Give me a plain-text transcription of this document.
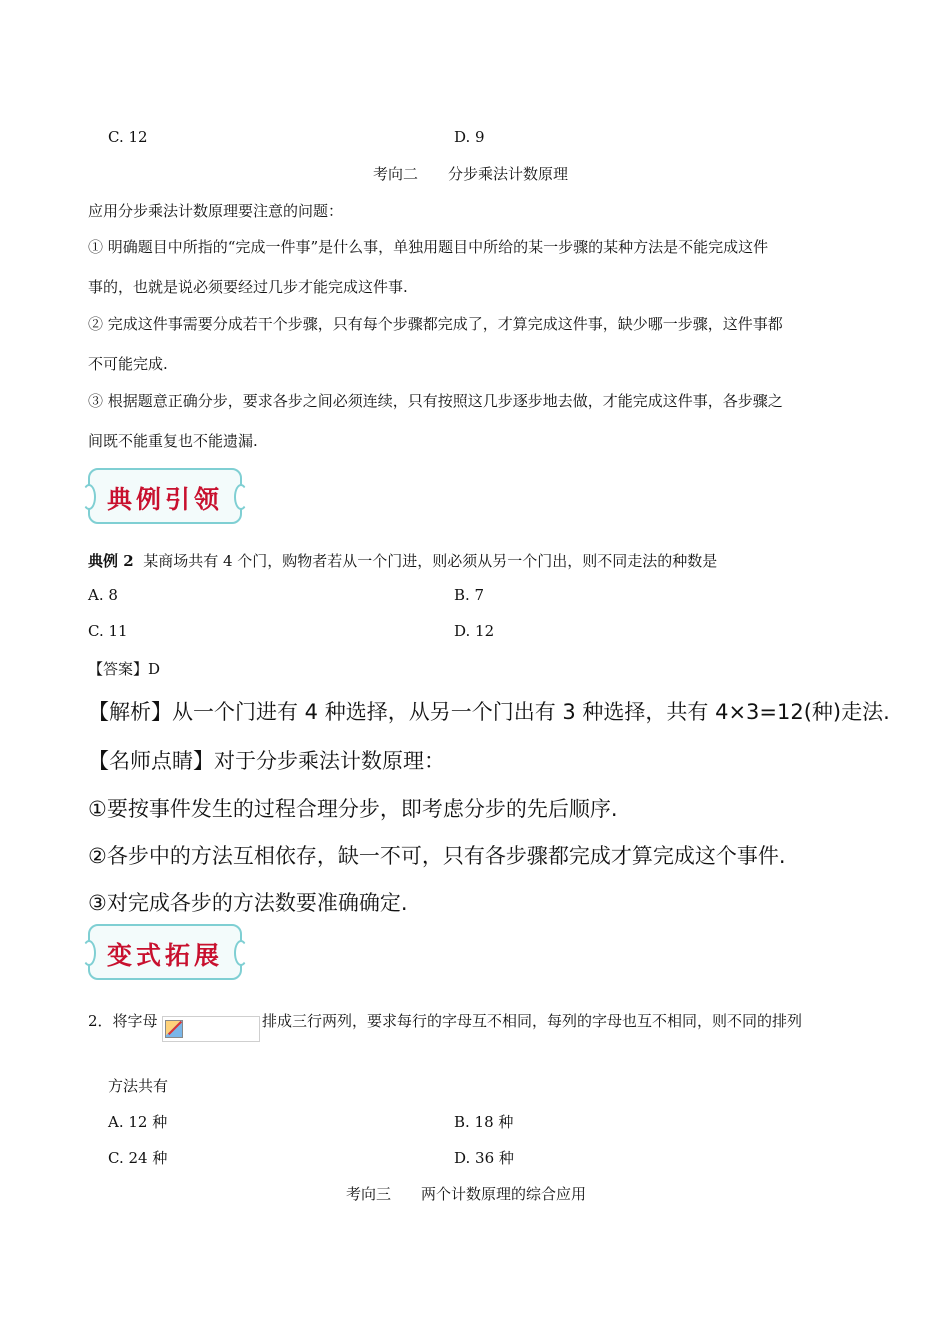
C. 12	D. 9
考向二　　分步乘法计数原理
应用分步乘法计数原理要注意的问题：
① 明确题目中所指的“完成一件事”是什么事，单独用题目中所给的某一步骤的某种方法是不能完成这件
事的，也就是说必须要经过几步才能完成这件事.
② 完成这件事需要分成若干个步骤，只有每个步骤都完成了，才算完成这件事，缺少哪一步骤，这件事都
不可能完成.
③ 根据题意正确分步，要求各步之间必须连续，只有按照这几步逐步地去做，才能完成这件事，各步骤之
间既不能重复也不能遗漏.
典例引领
典例 2 某商场共有 4 个门，购物者若从一个门进，则必须从另一个门出，则不同走法的种数是
A. 8	B. 7
C. 11	D. 12
【答案】D
【解析】从一个门进有 4 种选择，从另一个门出有 3 种选择，共有 4×3=12(种)走法.
【名师点睛】对于分步乘法计数原理：
①要按事件发生的过程合理分步，即考虑分步的先后顺序.
②各步中的方法互相依存，缺一不可，只有各步骤都完成才算完成这个事件.
③对完成各步的方法数要准确确定.
变式拓展
2．将字母	排成三行两列，要求每行的字母互不相同，每列的字母也互不相同，则不同的排列
方法共有
A. 12 种	B. 18 种
C. 24 种	D. 36 种
考向三　　两个计数原理的综合应用
